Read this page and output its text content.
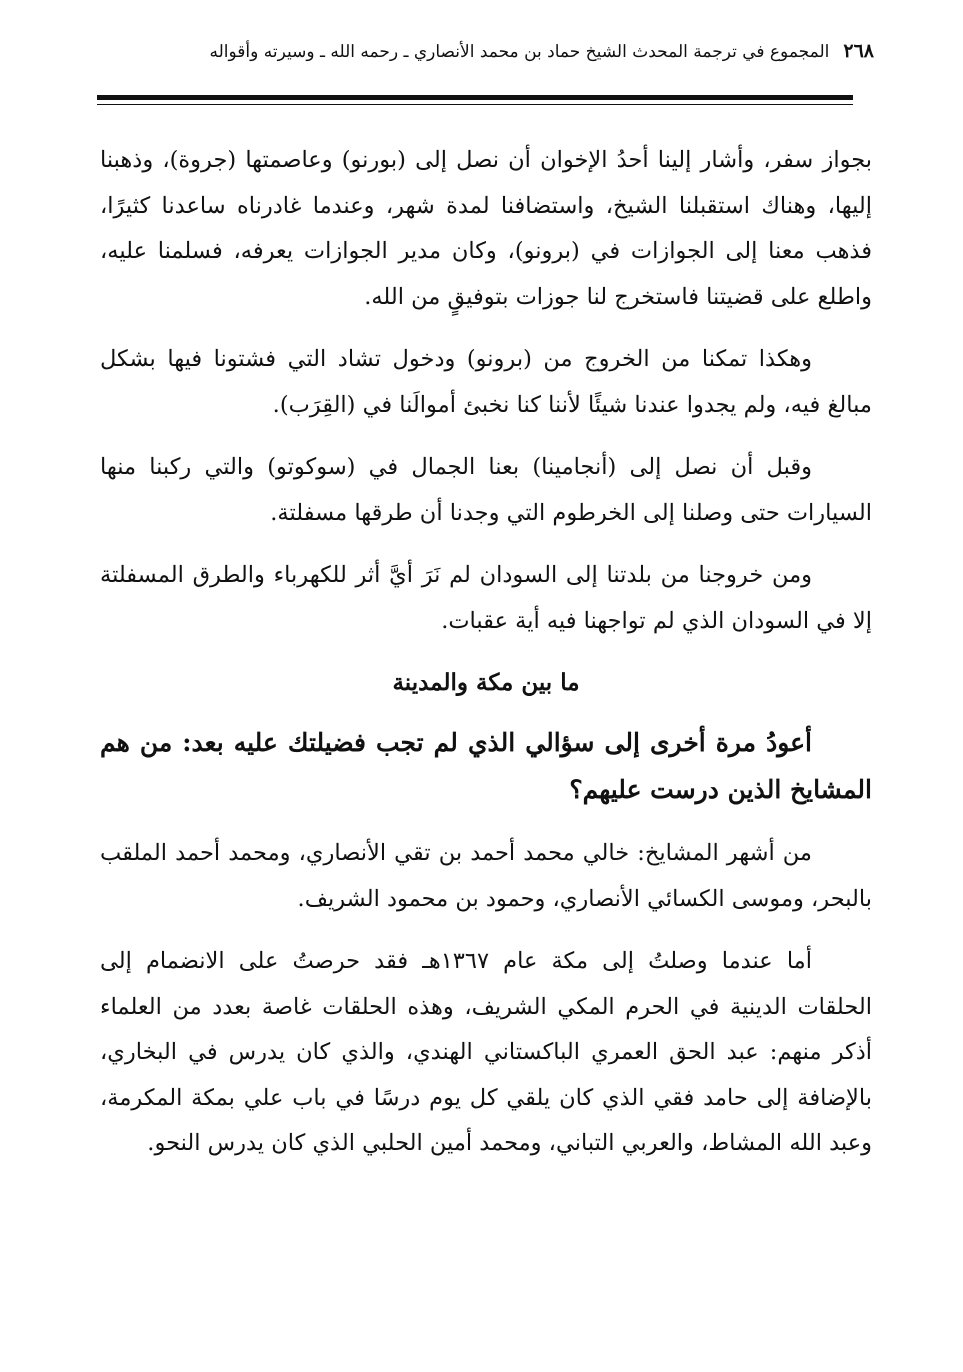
٢٦٨
المجموع في ترجمة المحدث الشيخ حماد بن محمد الأنصاري ـ رحمه الله ـ وسيرته وأقواله

بجواز سفر، وأشار إلينا أحدُ الإخوان أن نصل إلى (بورنو) وعاصمتها (جروة)، وذهبنا إليها، وهناك استقبلنا الشيخ، واستضافنا لمدة شهر، وعندما غادرناه ساعدنا كثيرًا، فذهب معنا إلى الجوازات في (برونو)، وكان مدير الجوازات يعرفه، فسلمنا عليه، واطلع على قضيتنا فاستخرج لنا جوزات بتوفيقٍ من الله.

وهكذا تمكنا من الخروج من (برونو) ودخول تشاد التي فشتونا فيها بشكل مبالغ فيه، ولم يجدوا عندنا شيئًا لأننا كنا نخبئ أموالَنا في (القِرَب).

وقبل أن نصل إلى (أنجامينا) بعنا الجمال في (سوكوتو) والتي ركبنا منها السيارات حتى وصلنا إلى الخرطوم التي وجدنا أن طرقها مسفلتة.

ومن خروجنا من بلدتنا إلى السودان لم نَرَ أيَّ أثر للكهرباء والطرق المسفلتة إلا في السودان الذي لم تواجهنا فيه أية عقبات.

ما بين مكة والمدينة

أعودُ مرة أخرى إلى سؤالي الذي لم تجب فضيلتك عليه بعد: من هم المشايخ الذين درست عليهم؟

من أشهر المشايخ: خالي محمد أحمد بن تقي الأنصاري، ومحمد أحمد الملقب بالبحر، وموسى الكسائي الأنصاري، وحمود بن محمود الشريف.

أما عندما وصلتُ إلى مكة عام ١٣٦٧هـ فقد حرصتُ على الانضمام إلى الحلقات الدينية في الحرم المكي الشريف، وهذه الحلقات غاصة بعدد من العلماء أذكر منهم: عبد الحق العمري الباكستاني الهندي، والذي كان يدرس في البخاري، بالإضافة إلى حامد فقي الذي كان يلقي كل يوم درسًا في باب علي بمكة المكرمة، وعبد الله المشاط، والعربي التباني، ومحمد أمين الحلبي الذي كان يدرس النحو.
